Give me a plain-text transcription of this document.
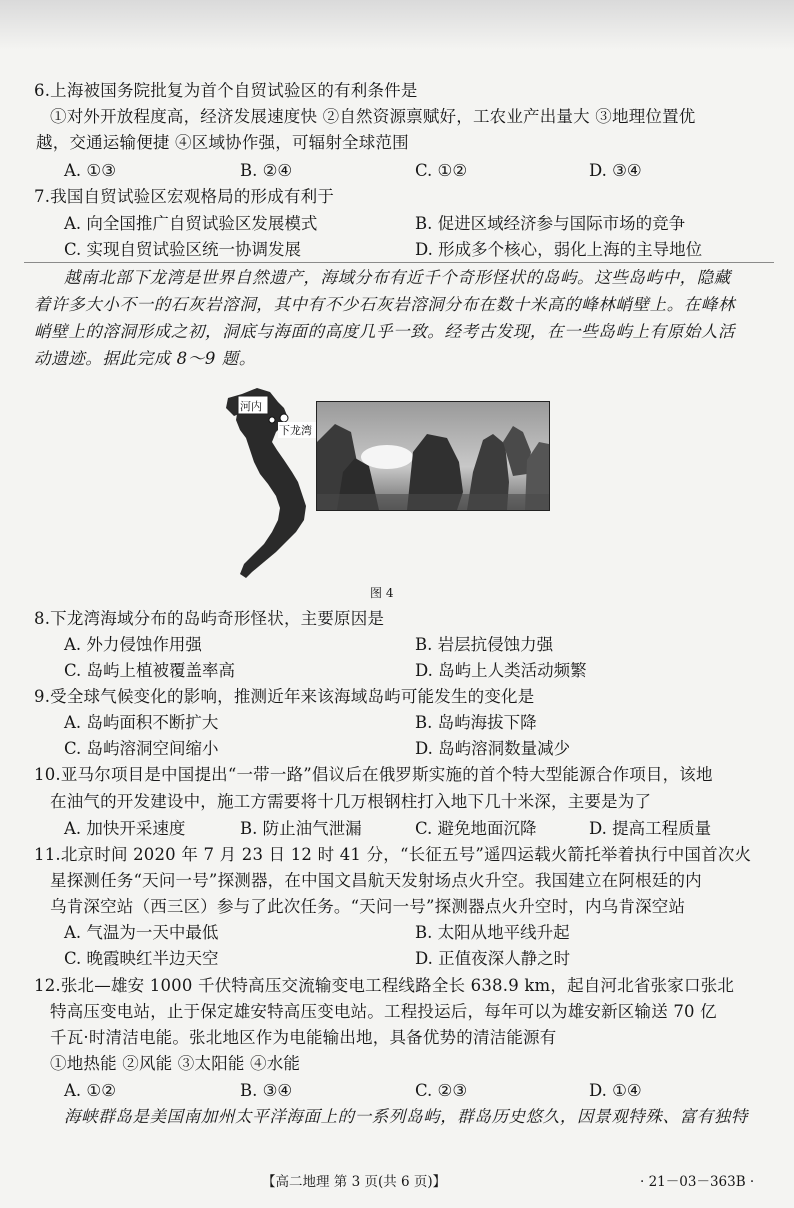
6.上海被国务院批复为首个自贸试验区的有利条件是
①对外开放程度高，经济发展速度快 ②自然资源禀赋好，工农业产出量大 ③地理位置优
越，交通运输便捷 ④区域协作强，可辐射全球范围
A. ①③	B. ②④	C. ①②	D. ③④
7.我国自贸试验区宏观格局的形成有利于
A. 向全国推广自贸试验区发展模式	B. 促进区域经济参与国际市场的竞争
C. 实现自贸试验区统一协调发展	D. 形成多个核心，弱化上海的主导地位
越南北部下龙湾是世界自然遗产，海域分布有近千个奇形怪状的岛屿。这些岛屿中，隐藏
着许多大小不一的石灰岩溶洞，其中有不少石灰岩溶洞分布在数十米高的峰林峭壁上。在峰林
峭壁上的溶洞形成之初，洞底与海面的高度几乎一致。经考古发现，在一些岛屿上有原始人活
动遗迹。据此完成 8～9 题。
河内
下龙湾
图 4
8.下龙湾海域分布的岛屿奇形怪状，主要原因是
A. 外力侵蚀作用强	B. 岩层抗侵蚀力强
C. 岛屿上植被覆盖率高	D. 岛屿上人类活动频繁
9.受全球气候变化的影响，推测近年来该海域岛屿可能发生的变化是
A. 岛屿面积不断扩大	B. 岛屿海拔下降
C. 岛屿溶洞空间缩小	D. 岛屿溶洞数量减少
10.亚马尔项目是中国提出“一带一路”倡议后在俄罗斯实施的首个特大型能源合作项目，该地
在油气的开发建设中，施工方需要将十几万根钢柱打入地下几十米深，主要是为了
A. 加快开采速度	B. 防止油气泄漏	C. 避免地面沉降	D. 提高工程质量
11.北京时间 2020 年 7 月 23 日 12 时 41 分，“长征五号”遥四运载火箭托举着执行中国首次火
星探测任务“天问一号”探测器，在中国文昌航天发射场点火升空。我国建立在阿根廷的内
乌肯深空站（西三区）参与了此次任务。“天问一号”探测器点火升空时，内乌肯深空站
A. 气温为一天中最低	B. 太阳从地平线升起
C. 晚霞映红半边天空	D. 正值夜深人静之时
12.张北—雄安 1000 千伏特高压交流输变电工程线路全长 638.9 km，起自河北省张家口张北
特高压变电站，止于保定雄安特高压变电站。工程投运后，每年可以为雄安新区输送 70 亿
千瓦·时清洁电能。张北地区作为电能输出地，具备优势的清洁能源有
①地热能 ②风能 ③太阳能 ④水能
A. ①②	B. ③④	C. ②③	D. ①④
海峡群岛是美国南加州太平洋海面上的一系列岛屿，群岛历史悠久，因景观特殊、富有独特
【高二地理 第 3 页(共 6 页)】	· 21－03－363B ·
